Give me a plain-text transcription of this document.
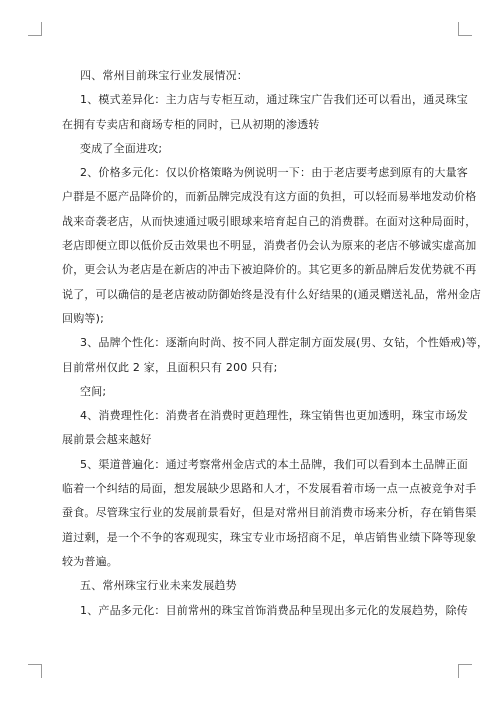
四、常州目前珠宝行业发展情况：
1、模式差异化：主力店与专柜互动，通过珠宝广告我们还可以看出，通灵珠宝
在拥有专卖店和商场专柜的同时，已从初期的渗透转
变成了全面进攻;
2、价格多元化：仅以价格策略为例说明一下：由于老店要考虑到原有的大量客
户群是不愿产品降价的，而新品牌完成没有这方面的负担，可以轻而易举地发动价格
战来奇袭老店，从而快速通过吸引眼球来培育起自己的消费群。在面对这种局面时，
老店即便立即以低价反击效果也不明显，消费者仍会认为原来的老店不够诚实虚高加
价，更会认为老店是在新店的冲击下被迫降价的。其它更多的新品牌后发优势就不再
说了，可以确信的是老店被动防御始终是没有什么好结果的(通灵赠送礼品，常州金店
回购等);
3、品牌个性化：逐渐向时尚、按不同人群定制方面发展(男、女钻，个性婚戒)等，
目前常州仅此 2 家，且面积只有 200 只有;
空间;
4、消费理性化：消费者在消费时更趋理性，珠宝销售也更加透明，珠宝市场发
展前景会越来越好
5、渠道普遍化：通过考察常州金店式的本土品牌，我们可以看到本土品牌正面
临着一个纠结的局面，想发展缺少思路和人才，不发展看着市场一点一点被竞争对手
蚕食。尽管珠宝行业的发展前景看好，但是对常州目前消费市场来分析，存在销售渠
道过剩，是一个不争的客观现实，珠宝专业市场招商不足，单店销售业绩下降等现象
较为普遍。
五、常州珠宝行业未来发展趋势
1、产品多元化：目前常州的珠宝首饰消费品种呈现出多元化的发展趋势，除传
